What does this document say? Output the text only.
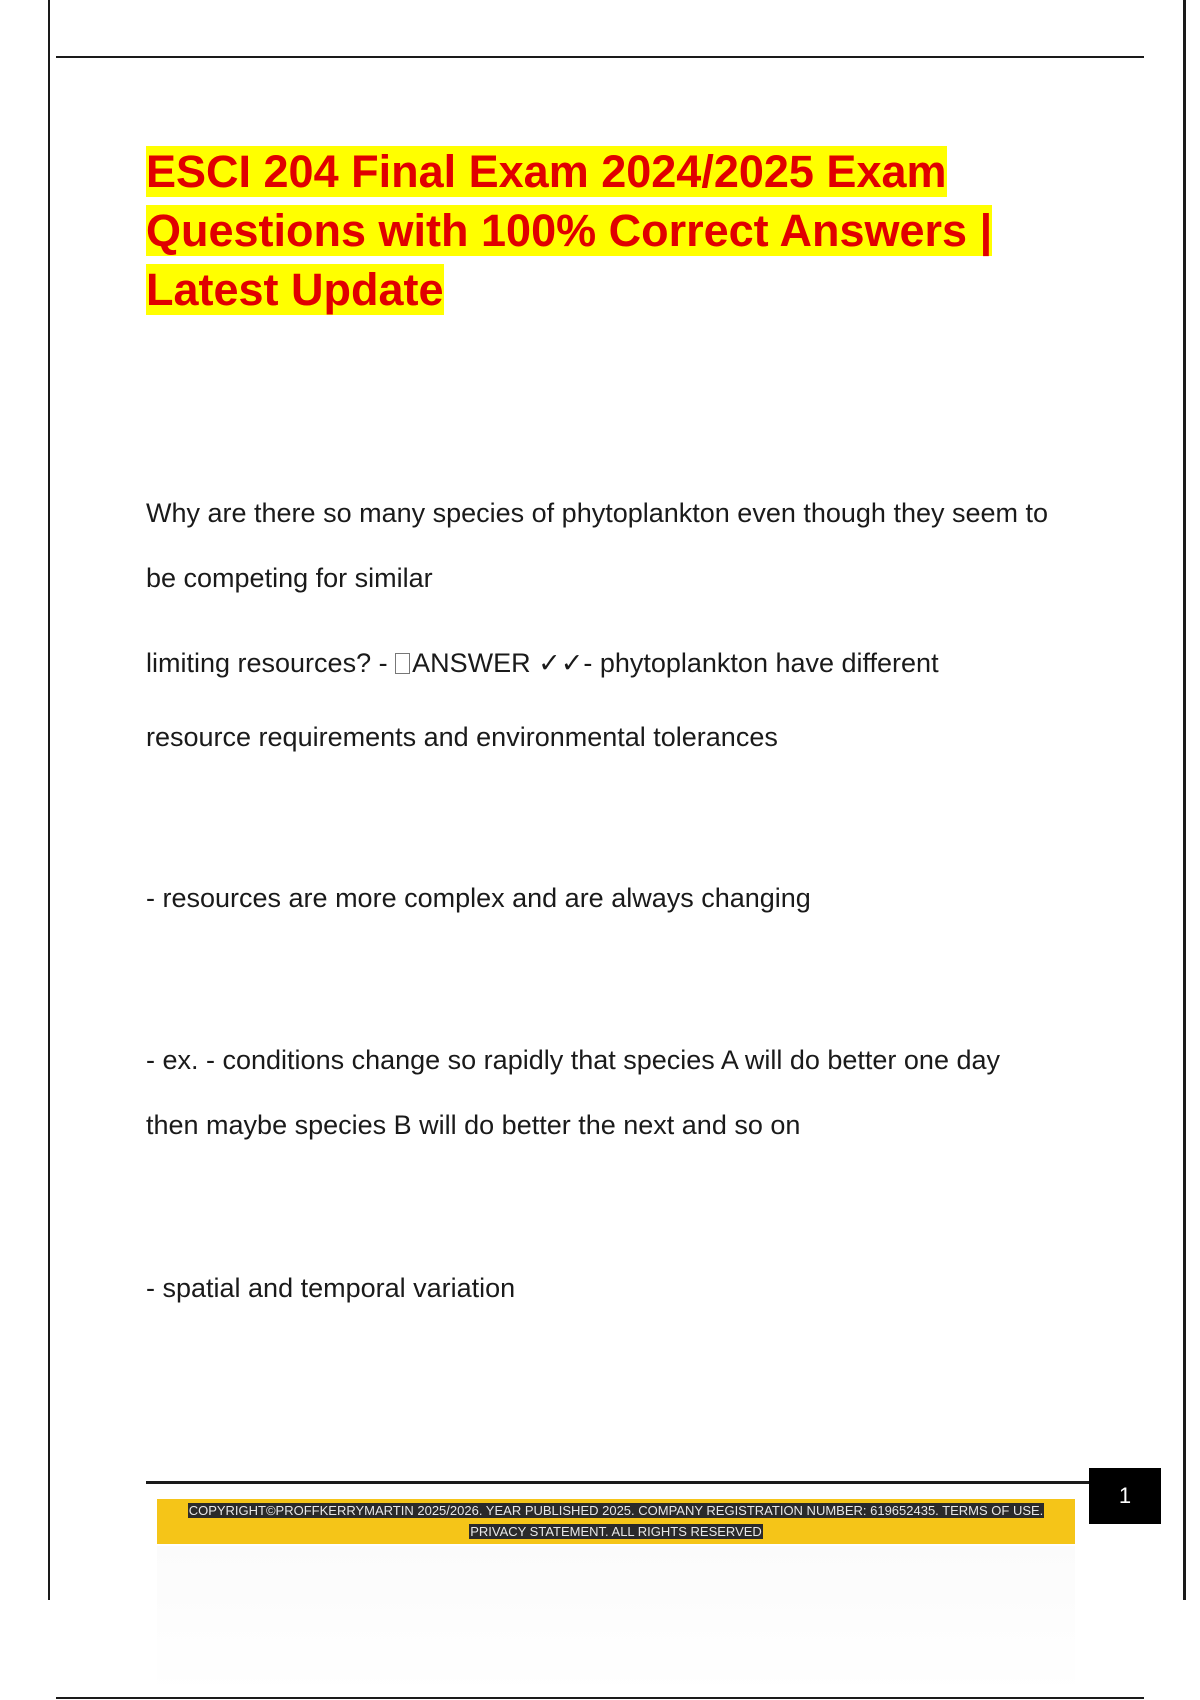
ESCI 204 Final Exam 2024/2025 Exam
Questions with 100% Correct Answers |
Latest Update

Why are there so many species of phytoplankton even though they seem to

be competing for similar

limiting resources? - ANSWER ✓✓- phytoplankton have different

resource requirements and environmental tolerances

- resources are more complex and are always changing

- ex. - conditions change so rapidly that species A will do better one day

then maybe species B will do better the next and so on

- spatial and temporal variation

1

COPYRIGHT©PROFFKERRYMARTIN 2025/2026. YEAR PUBLISHED 2025. COMPANY REGISTRATION NUMBER: 619652435. TERMS OF USE.
PRIVACY STATEMENT. ALL RIGHTS RESERVED
